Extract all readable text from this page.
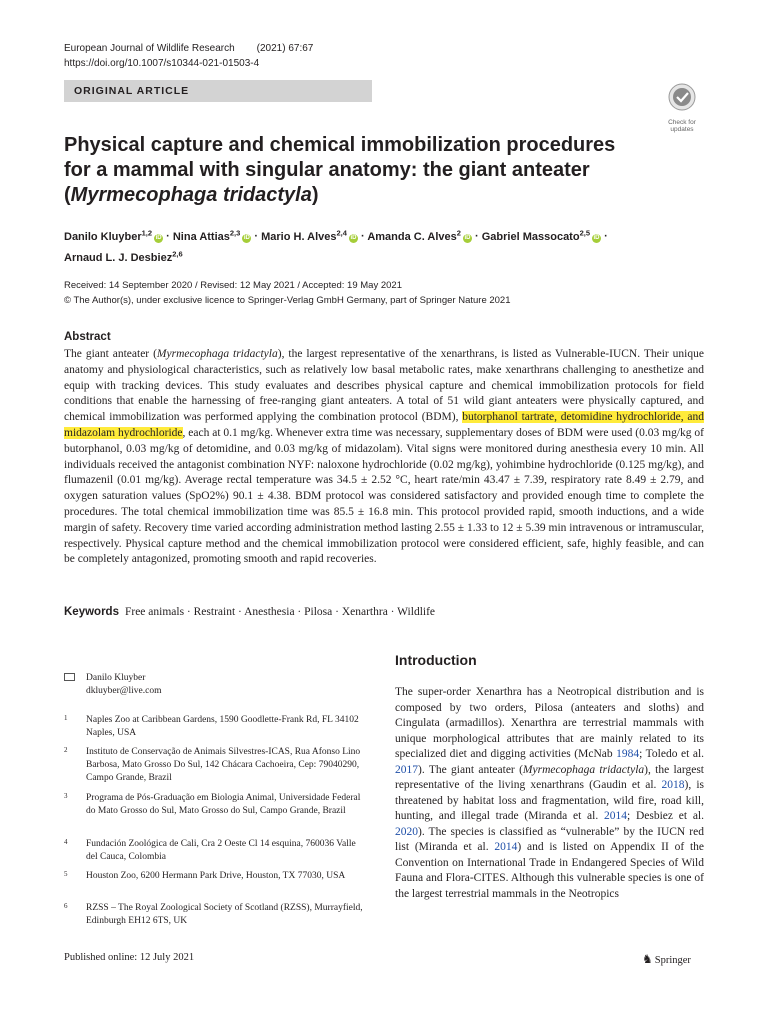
European Journal of Wildlife Research (2021) 67:67
https://doi.org/10.1007/s10344-021-01503-4
ORIGINAL ARTICLE
Check for
updates
Physical capture and chemical immobilization procedures
for a mammal with singular anatomy: the giant anteater
(Myrmecophaga tridactyla)
Danilo Kluyber$^{1,2}$iD · Nina Attias$^{2,3}$iD · Mario H. Alves$^{2,4}$iD · Amanda C. Alves$^2$iD · Gabriel Massocato$^{2,5}$iD ·
Arnaud L. J. Desbiez$^{2,6}$
Received: 14 September 2020 / Revised: 12 May 2021 / Accepted: 19 May 2021
© The Author(s), under exclusive licence to Springer-Verlag GmbH Germany, part of Springer Nature 2021
Abstract

The giant anteater (Myrmecophaga tridactyla), the largest representative of the xenarthrans, is listed as Vulnerable-IUCN. Their unique anatomy and physiological characteristics, such as relatively low basal metabolic rates, make xenarthrans challenging to anesthetize and equip with tracking devices. This study evaluates and describes physical capture and chemical immobilization protocols for field conditions that enable the harnessing of free-ranging giant anteaters. A total of 51 wild giant anteaters were physically captured, and chemical immobilization was performed applying the combination protocol (BDM), butorphanol tartrate, detomidine hydrochloride, and midazolam hydrochloride, each at 0.1 mg/kg. Whenever extra time was necessary, supplementary doses of BDM were used (0.03 mg/kg of butorphanol, 0.03 mg/kg of detomidine, and 0.03 mg/kg of midazolam). Vital signs were monitored during anesthesia every 10 min. All individuals received the antagonist combination NYF: naloxone hydrochloride (0.02 mg/kg), yohimbine hydrochloride (0.125 mg/kg), and flumazenil (0.01 mg/kg). Average rectal temperature was 34.5 ± 2.52 °C, heart rate/min 43.47 ± 7.39, respiratory rate 8.49 ± 2.79, and oxygen saturation values (SpO2%) 90.1 ± 4.38. BDM protocol was considered satisfactory and provided enough time to complete the procedures. The total chemical immobilization time was 85.5 ± 16.8 min. This protocol provided rapid, smooth inductions, and a wide margin of safety. Recovery time varied according administration method lasting 2.55 ± 1.33 to 12 ± 5.39 min intravenous or intramuscular, respectively. Physical capture method and the chemical immobilization protocol were considered efficient, safe, highly feasible, and can be completely antagonized, promoting smooth and rapid recoveries.

Keywords Free animals · Restraint · Anesthesia · Pilosa · Xenarthra · Wildlife
Danilo Kluyber
dkluyber@live.com
1 Naples Zoo at Caribbean Gardens, 1590 Goodlette-Frank Rd, FL 34102 Naples, USA
2 Instituto de Conservação de Animais Silvestres-ICAS, Rua Afonso Lino Barbosa, Mato Grosso Do Sul, 142 Chácara Cachoeira, Cep: 79040290, Campo Grande, Brazil
3 Programa de Pós-Graduação em Biologia Animal, Universidade Federal do Mato Grosso do Sul, Mato Grosso do Sul, Campo Grande, Brazil
4 Fundación Zoológica de Cali, Cra 2 Oeste Cl 14 esquina, 760036 Valle del Cauca, Colombia
5 Houston Zoo, 6200 Hermann Park Drive, Houston, TX 77030, USA
6 RZSS – The Royal Zoological Society of Scotland (RZSS), Murrayfield, Edinburgh EH12 6TS, UK
Introduction

The super-order Xenarthra has a Neotropical distribution and is composed by two orders, Pilosa (anteaters and sloths) and Cingulata (armadillos). Xenarthra are terrestrial mammals with unique morphological attributes that are mainly related to its specialized diet and digging activities (McNab 1984; Toledo et al. 2017). The giant anteater (Myrmecophaga tridactyla), the largest representative of the living xenarthrans (Gaudin et al. 2018), is threatened by habitat loss and fragmentation, wild fire, road kill, hunting, and illegal trade (Miranda et al. 2014; Desbiez et al. 2020). The species is classified as “vulnerable” by the IUCN red list (Miranda et al. 2014) and is listed on Appendix II of the Convention on International Trade in Endangered Species of Wild Fauna and Flora-CITES. Although this vulnerable species is one of the largest terrestrial mammals in the Neotropics

Published online: 12 July 2021	♞ Springer
